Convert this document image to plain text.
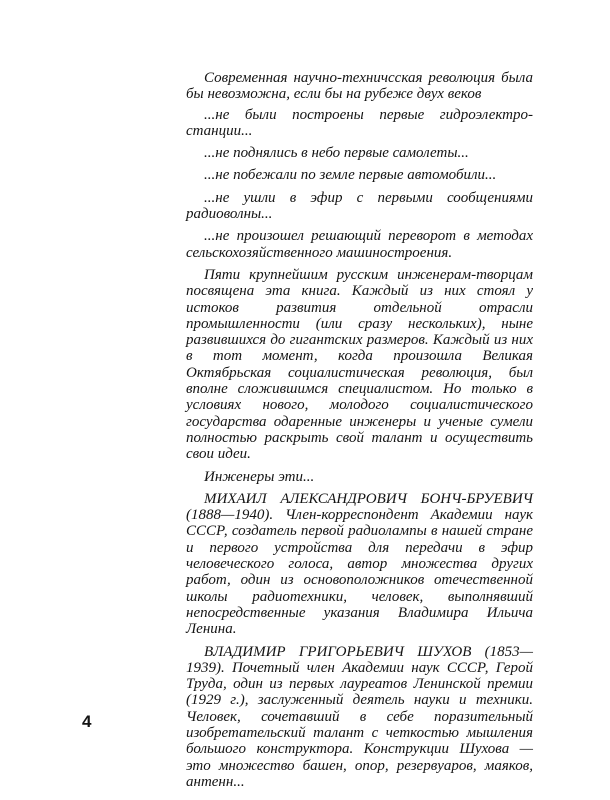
Современная научно-техничсская революция была бы невозможна, если бы на рубеже двух веков

...не были построены первые гидроэлектро-станции...

...не поднялись в небо первые самолеты...

...не побежали по земле первые автомобили...

...не ушли в эфир с первыми сообщениями радиоволны...

...не произошел решающий переворот в методах сельскохозяйственного машиностроения.

Пяти крупнейшим русским инженерам-творцам посвящена эта книга. Каждый из них стоял у истоков развития отдельной отрасли промышленности (или сразу нескольких), ныне развившихся до гигантских размеров. Каждый из них в тот момент, когда произошла Великая Октябрьская социалистическая революция, был вполне сложившимся специалистом. Но только в условиях нового, молодого социалистического государства одаренные инженеры и ученые сумели полностью раскрыть свой талант и осуществить свои идеи.

Инженеры эти...

МИХАИЛ АЛЕКСАНДРОВИЧ БОНЧ-БРУЕВИЧ (1888—1940). Член-корреспондент Академии наук СССР, создатель первой радиолампы в нашей стране и первого устройства для передачи в эфир человеческого голоса, автор множества других работ, один из основоположников отечественной школы радиотехники, человек, выполнявший непосредственные указания Владимира Ильича Ленина.

ВЛАДИМИР ГРИГОРЬЕВИЧ ШУХОВ (1853—1939). Почетный член Академии наук СССР, Герой Труда, один из первых лауреатов Ленинской премии (1929 г.), заслуженный деятель науки и техники. Человек, сочетавший в себе поразительный изобретательский талант с четкостью мышления большого конструктора. Конструкции Шухова — это множество башен, опор, резервуаров, маяков, антенн...

4
